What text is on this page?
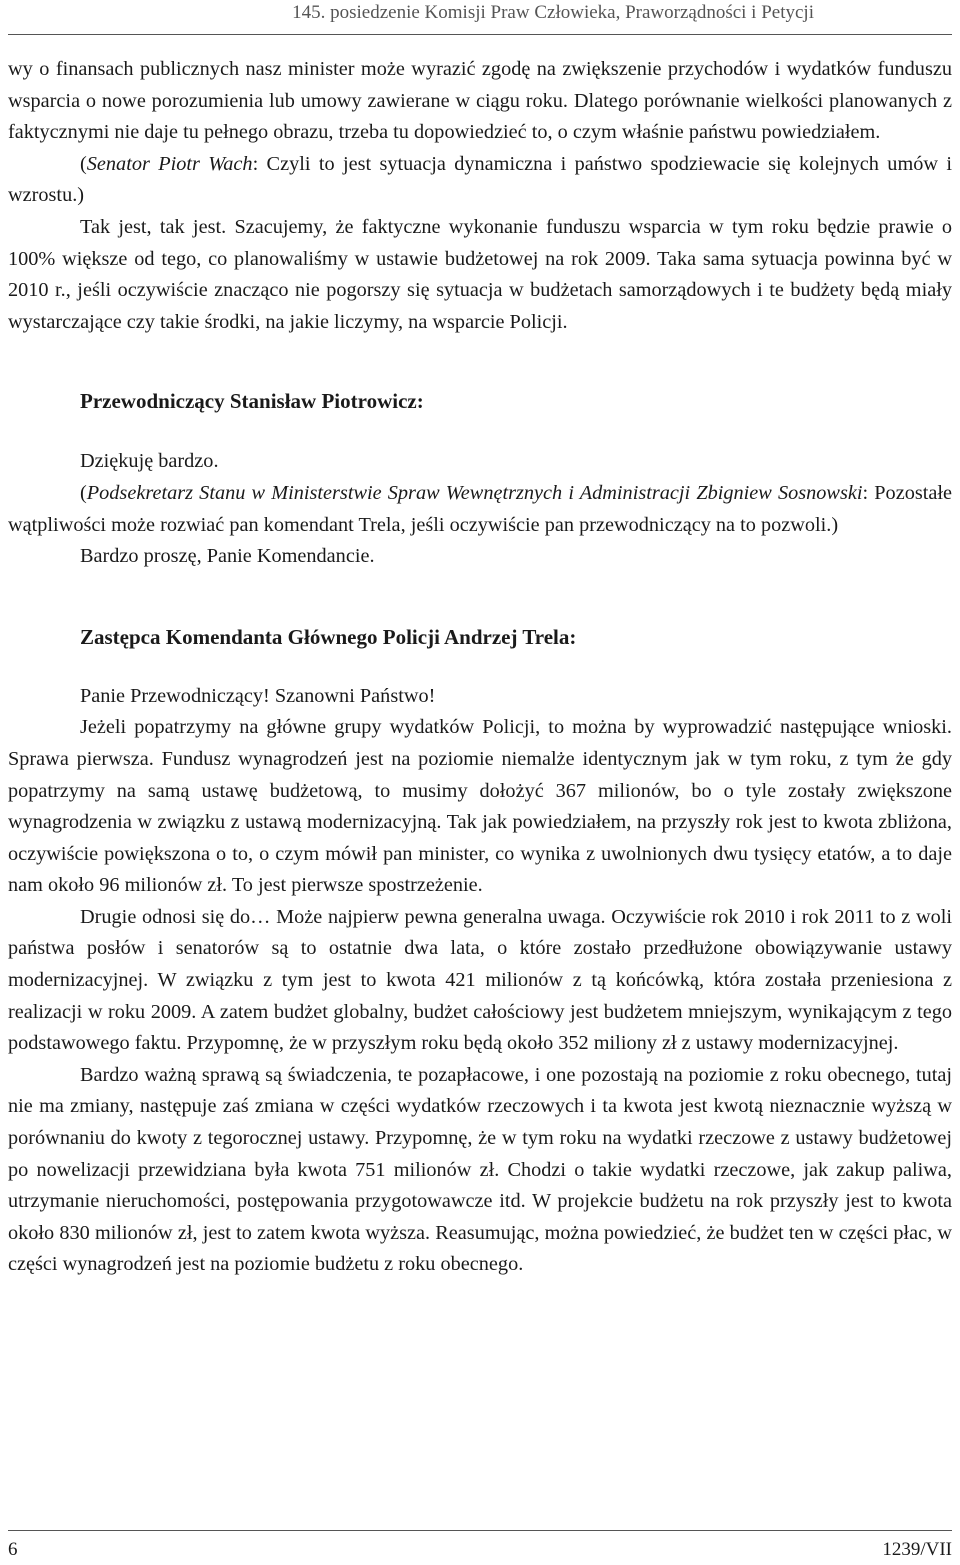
145. posiedzenie Komisji Praw Człowieka, Praworządności i Petycji

wy o finansach publicznych nasz minister może wyrazić zgodę na zwiększenie przychodów i wydatków funduszu wsparcia o nowe porozumienia lub umowy zawierane w ciągu roku. Dlatego porównanie wielkości planowanych z faktycznymi nie daje tu pełnego obrazu, trzeba tu dopowiedzieć to, o czym właśnie państwu powiedziałem.

(Senator Piotr Wach: Czyli to jest sytuacja dynamiczna i państwo spodziewacie się kolejnych umów i wzrostu.)

Tak jest, tak jest. Szacujemy, że faktyczne wykonanie funduszu wsparcia w tym roku będzie prawie o 100% większe od tego, co planowaliśmy w ustawie budżetowej na rok 2009. Taka sama sytuacja powinna być w 2010 r., jeśli oczywiście znacząco nie pogorszy się sytuacja w budżetach samorządowych i te budżety będą miały wystarczające czy takie środki, na jakie liczymy, na wsparcie Policji.

Przewodniczący Stanisław Piotrowicz:

Dziękuję bardzo.

(Podsekretarz Stanu w Ministerstwie Spraw Wewnętrznych i Administracji Zbigniew Sosnowski: Pozostałe wątpliwości może rozwiać pan komendant Trela, jeśli oczywiście pan przewodniczący na to pozwoli.)

Bardzo proszę, Panie Komendancie.

Zastępca Komendanta Głównego Policji Andrzej Trela:

Panie Przewodniczący! Szanowni Państwo!

Jeżeli popatrzymy na główne grupy wydatków Policji, to można by wyprowadzić następujące wnioski. Sprawa pierwsza. Fundusz wynagrodzeń jest na poziomie niemalże identycznym jak w tym roku, z tym że gdy popatrzymy na samą ustawę budżetową, to musimy dołożyć 367 milionów, bo o tyle zostały zwiększone wynagrodzenia w związku z ustawą modernizacyjną. Tak jak powiedziałem, na przyszły rok jest to kwota zbliżona, oczywiście powiększona o to, o czym mówił pan minister, co wynika z uwolnionych dwu tysięcy etatów, a to daje nam około 96 milionów zł. To jest pierwsze spostrzeżenie.

Drugie odnosi się do… Może najpierw pewna generalna uwaga. Oczywiście rok 2010 i rok 2011 to z woli państwa posłów i senatorów są to ostatnie dwa lata, o które zostało przedłużone obowiązywanie ustawy modernizacyjnej. W związku z tym jest to kwota 421 milionów z tą końcówką, która została przeniesiona z realizacji w roku 2009. A zatem budżet globalny, budżet całościowy jest budżetem mniejszym, wynikającym z tego podstawowego faktu. Przypomnę, że w przyszłym roku będą około 352 miliony zł z ustawy modernizacyjnej.

Bardzo ważną sprawą są świadczenia, te pozapłacowe, i one pozostają na poziomie z roku obecnego, tutaj nie ma zmiany, następuje zaś zmiana w części wydatków rzeczowych i ta kwota jest kwotą nieznacznie wyższą w porównaniu do kwoty z tegorocznej ustawy. Przypomnę, że w tym roku na wydatki rzeczowe z ustawy budżetowej po nowelizacji przewidziana była kwota 751 milionów zł. Chodzi o takie wydatki rzeczowe, jak zakup paliwa, utrzymanie nieruchomości, postępowania przygotowawcze itd. W projekcie budżetu na rok przyszły jest to kwota około 830 milionów zł, jest to zatem kwota wyższa. Reasumując, można powiedzieć, że budżet ten w części płac, w części wynagrodzeń jest na poziomie budżetu z roku obecnego.

6	1239/VII
